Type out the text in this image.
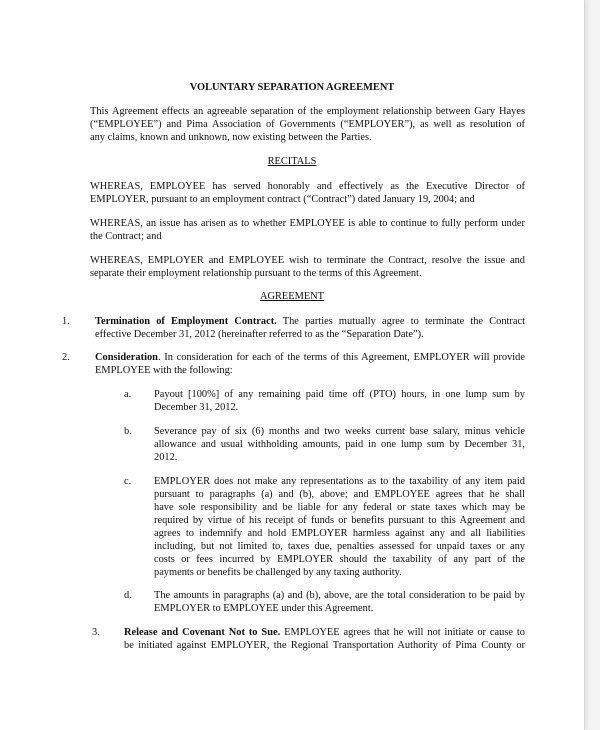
VOLUNTARY SEPARATION AGREEMENT
This Agreement effects an agreeable separation of the employment relationship between Gary Hayes
(“EMPLOYEE”) and Pima Association of Governments (“EMPLOYER”), as well as resolution of
any claims, known and unknown, now existing between the Parties.
RECITALS
WHEREAS, EMPLOYEE has served honorably and effectively as the Executive Director of
EMPLOYER, pursuant to an employment contract (“Contract”) dated January 19, 2004; and
WHEREAS, an issue has arisen as to whether EMPLOYEE is able to continue to fully perform under
the Contract; and
WHEREAS, EMPLOYER and EMPLOYEE wish to terminate the Contract, resolve the issue and
separate their employment relationship pursuant to the terms of this Agreement.
AGREEMENT
1. Termination of Employment Contract. The parties mutually agree to terminate the Contract
effective December 31, 2012 (hereinafter referred to as the “Separation Date”).
2. Consideration. In consideration for each of the terms of this Agreement, EMPLOYER will provide
EMPLOYEE with the following:
a. Payout [100%] of any remaining paid time off (PTO) hours, in one lump sum by
December 31, 2012.
b. Severance pay of six (6) months and two weeks current base salary, minus vehicle
allowance and usual withholding amounts, paid in one lump sum by December 31,
2012.
c. EMPLOYER does not make any representations as to the taxability of any item paid
pursuant to paragraphs (a) and (b), above; and EMPLOYEE agrees that he shall
have sole responsibility and be liable for any federal or state taxes which may be
required by virtue of his receipt of funds or benefits pursuant to this Agreement and
agrees to indemnify and hold EMPLOYER harmless against any and all liabilities
including, but not limited to, taxes due, penalties assessed for unpaid taxes or any
costs or fees incurred by EMPLOYER should the taxability of any part of the
payments or benefits be challenged by any taxing authority.
d. The amounts in paragraphs (a) and (b), above, are the total consideration to be paid by
EMPLOYER to EMPLOYEE under this Agreement.
3. Release and Covenant Not to Sue. EMPLOYEE agrees that he will not initiate or cause to
be initiated against EMPLOYER, the Regional Transportation Authority of Pima County or
